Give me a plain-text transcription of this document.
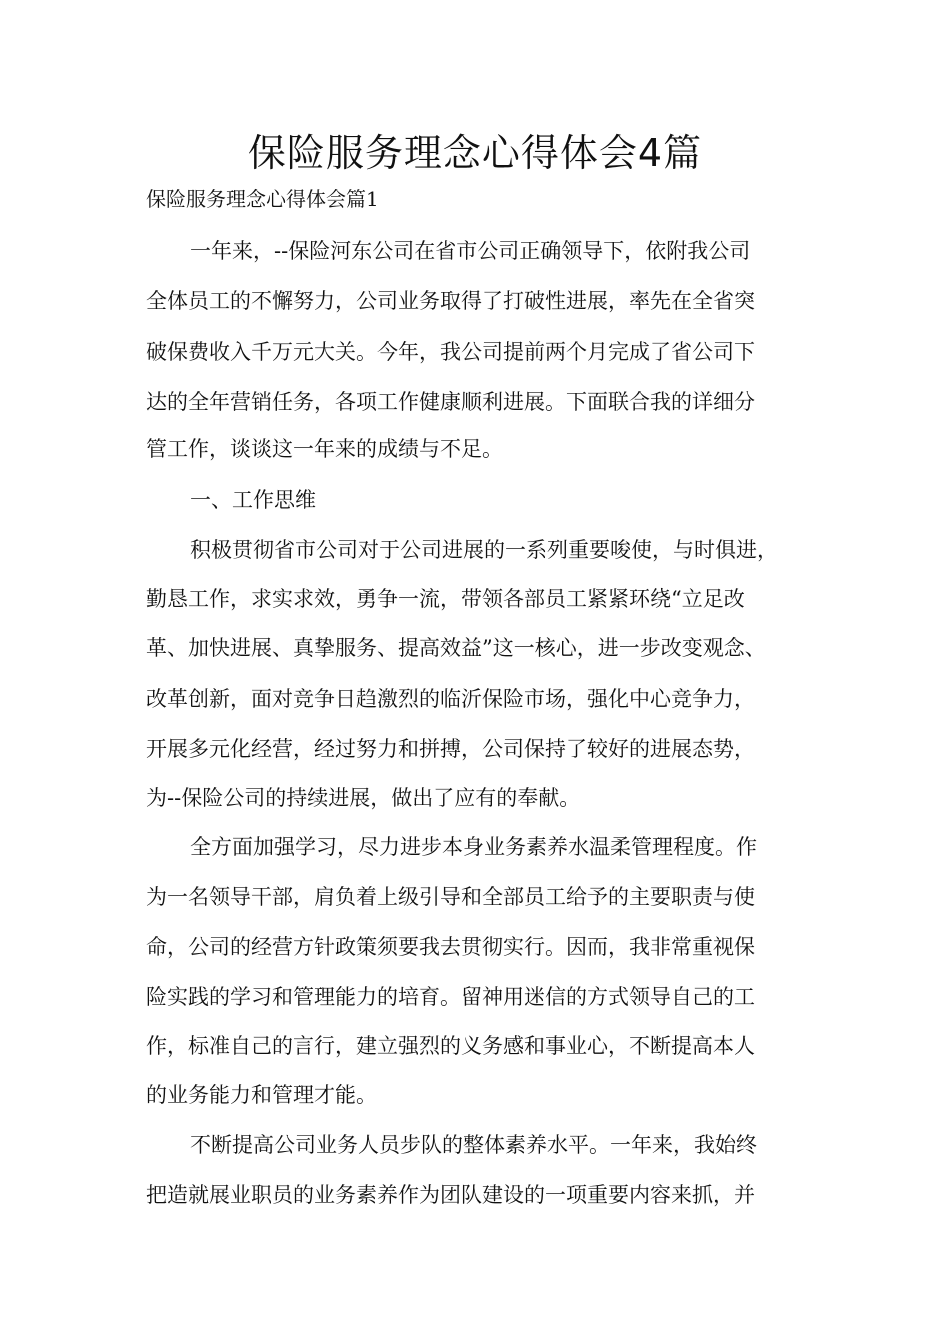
保险服务理念心得体会4篇
保险服务理念心得体会篇1
一年来，--保险河东公司在省市公司正确领导下，依附我公司
全体员工的不懈努力，公司业务取得了打破性进展，率先在全省突
破保费收入千万元大关。今年，我公司提前两个月完成了省公司下
达的全年营销任务，各项工作健康顺利进展。下面联合我的详细分
管工作，谈谈这一年来的成绩与不足。
一、工作思维
积极贯彻省市公司对于公司进展的一系列重要唆使，与时俱进，
勤恳工作，求实求效，勇争一流，带领各部员工紧紧环绕“立足改
革、加快进展、真挚服务、提高效益”这一核心，进一步改变观念、
改革创新，面对竞争日趋激烈的临沂保险市场，强化中心竞争力，
开展多元化经营，经过努力和拼搏，公司保持了较好的进展态势，
为--保险公司的持续进展，做出了应有的奉献。
全方面加强学习，尽力进步本身业务素养水温柔管理程度。作
为一名领导干部，肩负着上级引导和全部员工给予的主要职责与使
命，公司的经营方针政策须要我去贯彻实行。因而，我非常重视保
险实践的学习和管理能力的培育。留神用迷信的方式领导自己的工
作，标准自己的言行，建立强烈的义务感和事业心，不断提高本人
的业务能力和管理才能。
不断提高公司业务人员步队的整体素养水平。一年来，我始终
把造就展业职员的业务素养作为团队建设的一项重要内容来抓，并
